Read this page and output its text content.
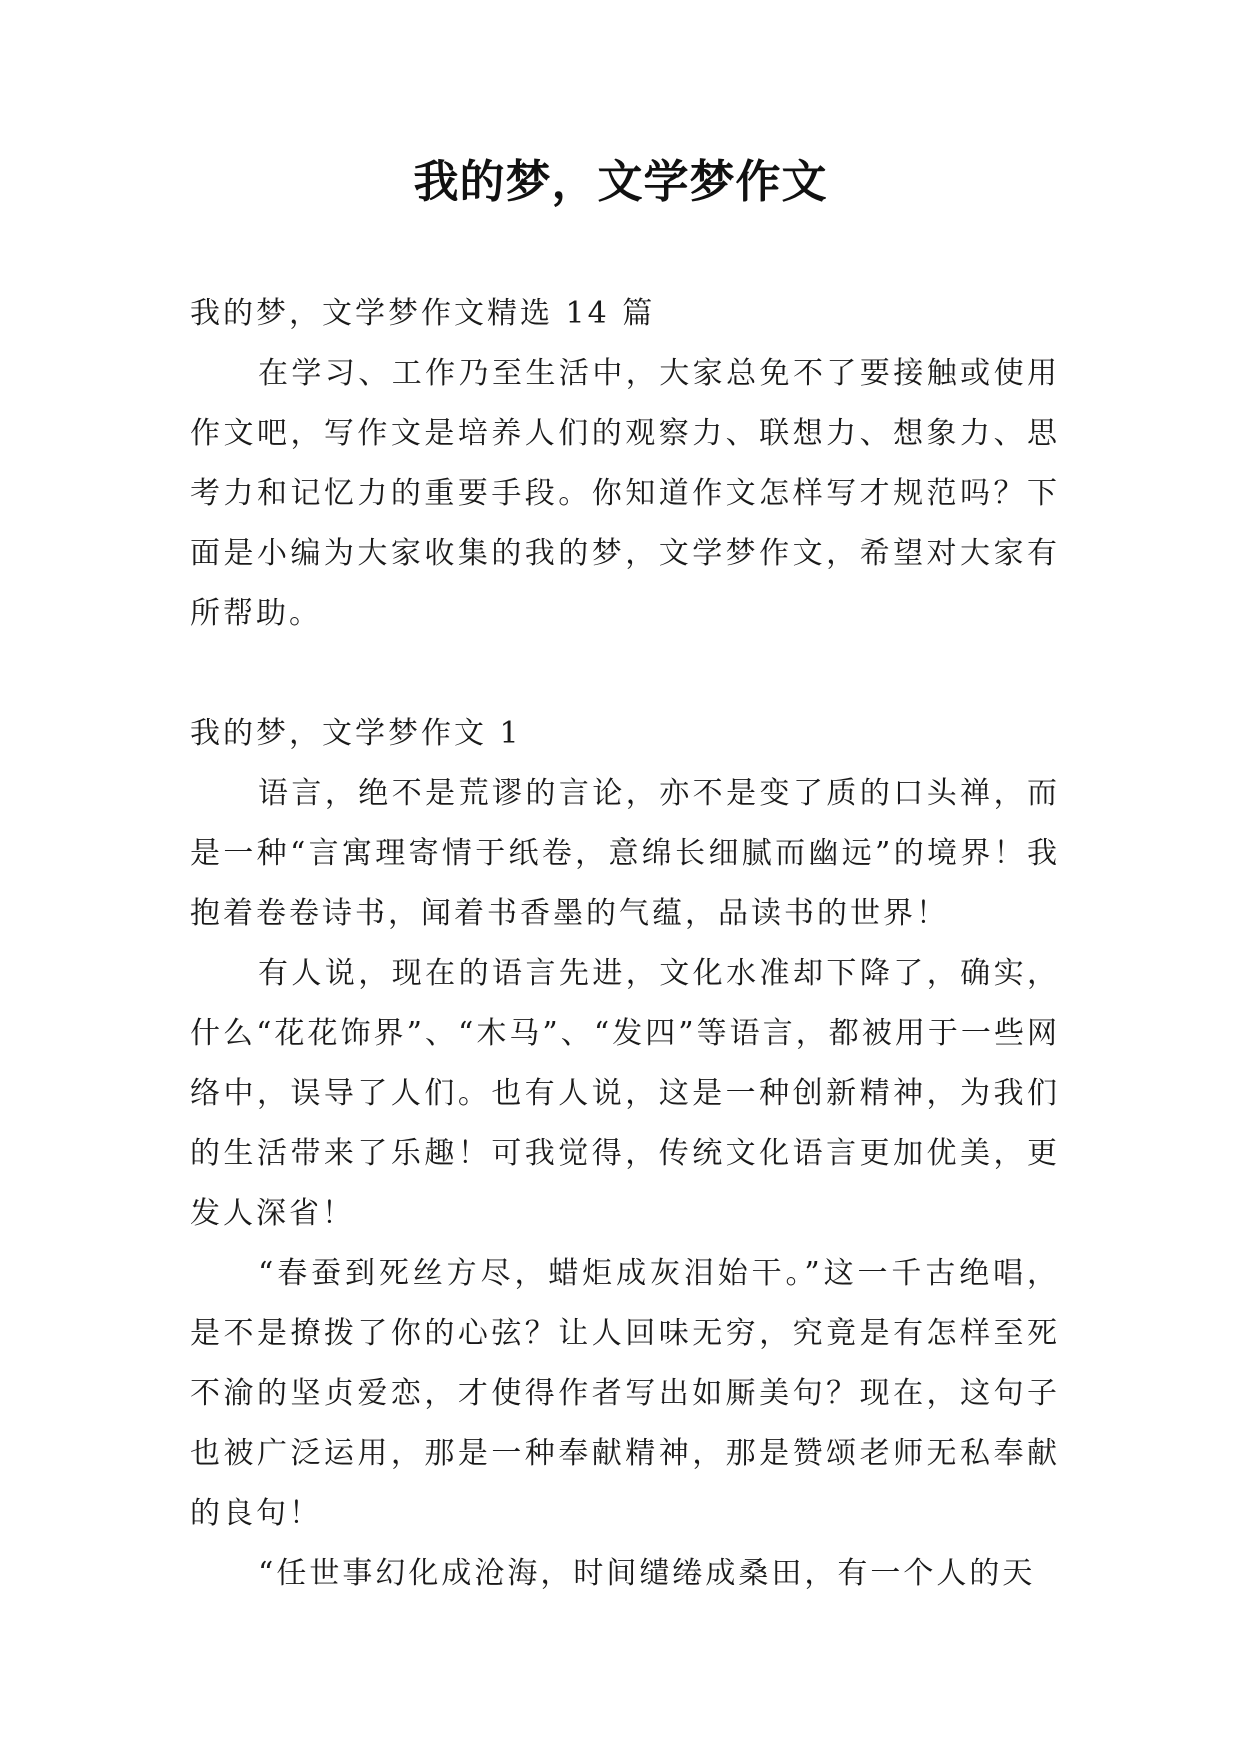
我的梦，文学梦作文

我的梦，文学梦作文精选 14 篇

在学习、工作乃至生活中，大家总免不了要接触或使用作文吧，写作文是培养人们的观察力、联想力、想象力、思考力和记忆力的重要手段。你知道作文怎样写才规范吗？下面是小编为大家收集的我的梦，文学梦作文，希望对大家有所帮助。

我的梦，文学梦作文 1

语言，绝不是荒谬的言论，亦不是变了质的口头禅，而是一种“言寓理寄情于纸卷，意绵长细腻而幽远”的境界！我抱着卷卷诗书，闻着书香墨的气蕴，品读书的世界！

有人说，现在的语言先进，文化水准却下降了，确实，什么“花花饰界”、“木马”、“发四”等语言，都被用于一些网络中，误导了人们。也有人说，这是一种创新精神，为我们的生活带来了乐趣！可我觉得，传统文化语言更加优美，更发人深省！

“春蚕到死丝方尽，蜡炬成灰泪始干。”这一千古绝唱，是不是撩拨了你的心弦？让人回味无穷，究竟是有怎样至死不渝的坚贞爱恋，才使得作者写出如厮美句？现在，这句子也被广泛运用，那是一种奉献精神，那是赞颂老师无私奉献的良句！

“任世事幻化成沧海，时间缱绻成桑田，有一个人的天
